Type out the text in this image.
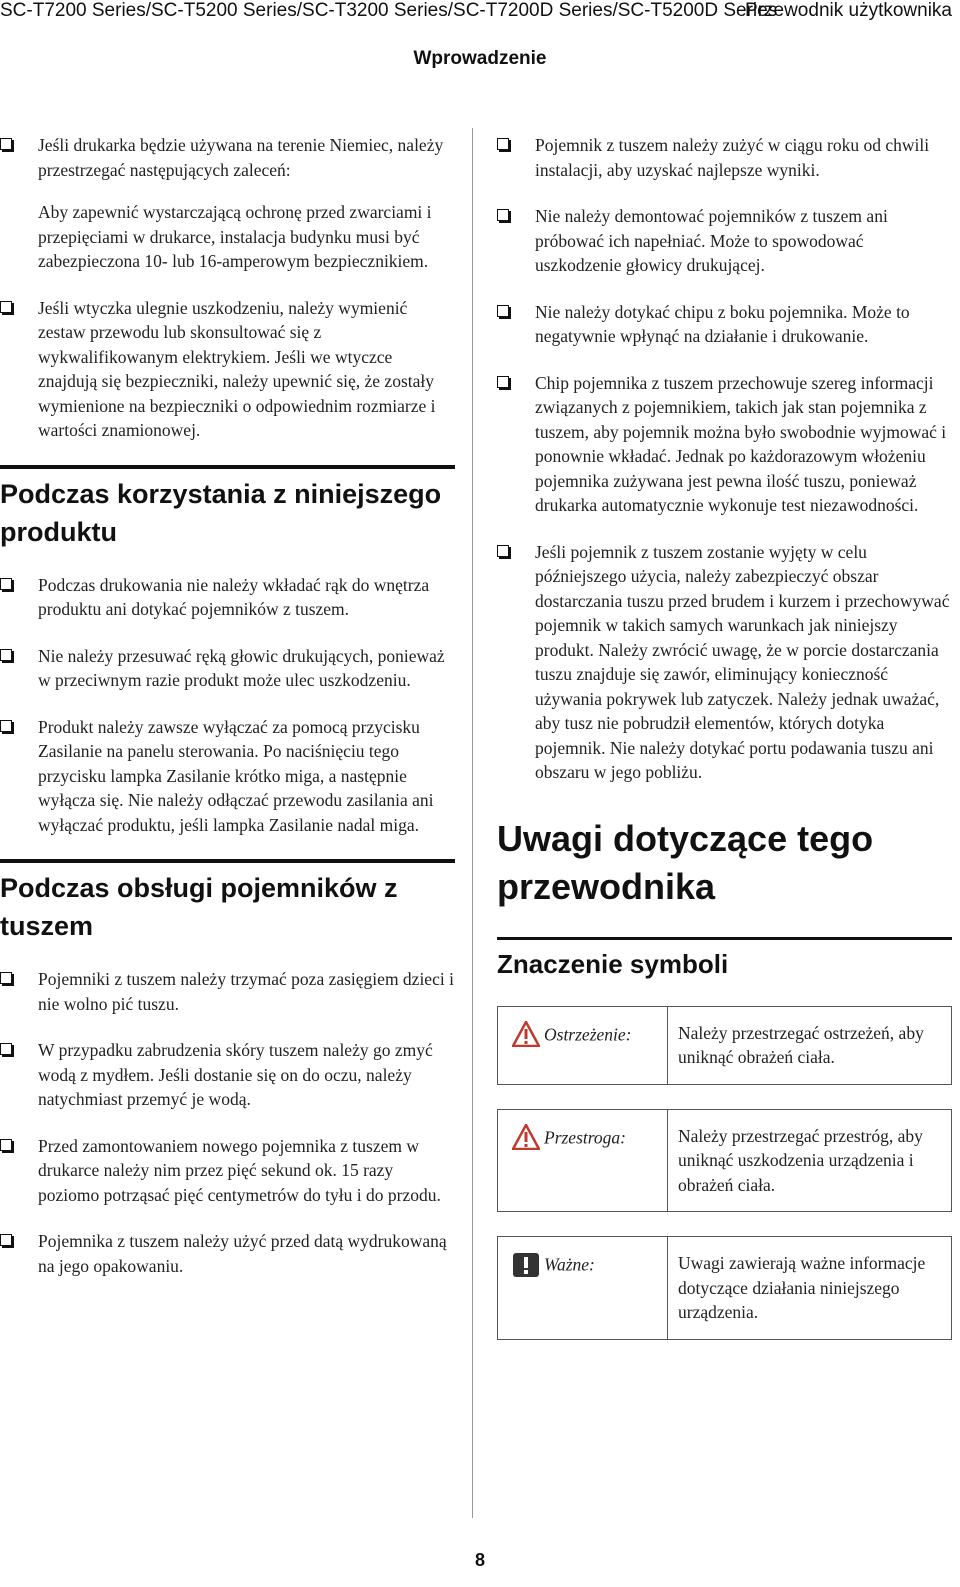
SC-T7200 Series/SC-T5200 Series/SC-T3200 Series/SC-T7200D Series/SC-T5200D Series
Przewodnik użytkownika
Wprowadzenie
Jeśli drukarka będzie używana na terenie Niemiec, należy przestrzegać następujących zaleceń:
Aby zapewnić wystarczającą ochronę przed zwarciami i przepięciami w drukarce, instalacja budynku musi być zabezpieczona 10- lub 16-amperowym bezpiecznikiem.
Jeśli wtyczka ulegnie uszkodzeniu, należy wymienić zestaw przewodu lub skonsultować się z wykwalifikowanym elektrykiem. Jeśli we wtyczce znajdują się bezpieczniki, należy upewnić się, że zostały wymienione na bezpieczniki o odpowiednim rozmiarze i wartości znamionowej.
Podczas korzystania z niniejszego produktu
Podczas drukowania nie należy wkładać rąk do wnętrza produktu ani dotykać pojemników z tuszem.
Nie należy przesuwać ręką głowic drukujących, ponieważ w przeciwnym razie produkt może ulec uszkodzeniu.
Produkt należy zawsze wyłączać za pomocą przycisku Zasilanie na panelu sterowania. Po naciśnięciu tego przycisku lampka Zasilanie krótko miga, a następnie wyłącza się. Nie należy odłączać przewodu zasilania ani wyłączać produktu, jeśli lampka Zasilanie nadal miga.
Podczas obsługi pojemników z tuszem
Pojemniki z tuszem należy trzymać poza zasięgiem dzieci i nie wolno pić tuszu.
W przypadku zabrudzenia skóry tuszem należy go zmyć wodą z mydłem. Jeśli dostanie się on do oczu, należy natychmiast przemyć je wodą.
Przed zamontowaniem nowego pojemnika z tuszem w drukarce należy nim przez pięć sekund ok. 15 razy poziomo potrząsać pięć centymetrów do tyłu i do przodu.
Pojemnika z tuszem należy użyć przed datą wydrukowaną na jego opakowaniu.
Pojemnik z tuszem należy zużyć w ciągu roku od chwili instalacji, aby uzyskać najlepsze wyniki.
Nie należy demontować pojemników z tuszem ani próbować ich napełniać. Może to spowodować uszkodzenie głowicy drukującej.
Nie należy dotykać chipu z boku pojemnika. Może to negatywnie wpłynąć na działanie i drukowanie.
Chip pojemnika z tuszem przechowuje szereg informacji związanych z pojemnikiem, takich jak stan pojemnika z tuszem, aby pojemnik można było swobodnie wyjmować i ponownie wkładać. Jednak po każdorazowym włożeniu pojemnika zużywana jest pewna ilość tuszu, ponieważ drukarka automatycznie wykonuje test niezawodności.
Jeśli pojemnik z tuszem zostanie wyjęty w celu późniejszego użycia, należy zabezpieczyć obszar dostarczania tuszu przed brudem i kurzem i przechowywać pojemnik w takich samych warunkach jak niniejszy produkt. Należy zwrócić uwagę, że w porcie dostarczania tuszu znajduje się zawór, eliminujący konieczność używania pokrywek lub zatyczek. Należy jednak uważać, aby tusz nie pobrudził elementów, których dotyka pojemnik. Nie należy dotykać portu podawania tuszu ani obszaru w jego pobliżu.
Uwagi dotyczące tego przewodnika
Znaczenie symboli
Ostrzeżenie:	Należy przestrzegać ostrzeżeń, aby uniknąć obrażeń ciała.

Przestroga:	Należy przestrzegać przestróg, aby uniknąć uszkodzenia urządzenia i obrażeń ciała.

Ważne:	Uwagi zawierają ważne informacje dotyczące działania niniejszego urządzenia.
8
